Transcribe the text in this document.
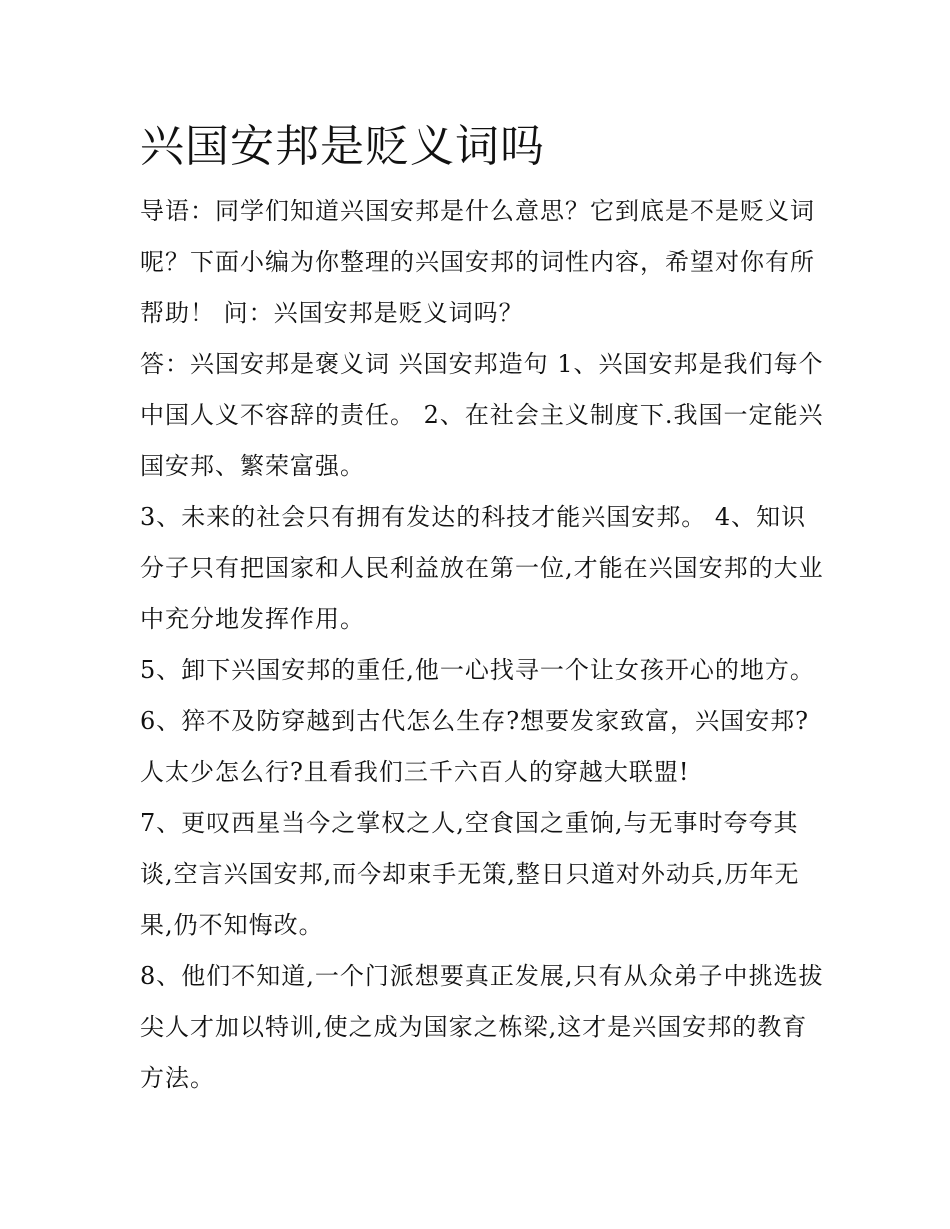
兴国安邦是贬义词吗

导语：同学们知道兴国安邦是什么意思？它到底是不是贬义词呢？下面小编为你整理的兴国安邦的词性内容，希望对你有所帮助！ 问：兴国安邦是贬义词吗？

答：兴国安邦是褒义词 兴国安邦造句 1、兴国安邦是我们每个中国人义不容辞的责任。 2、在社会主义制度下.我国一定能兴国安邦、繁荣富强。

3、未来的社会只有拥有发达的科技才能兴国安邦。 4、知识分子只有把国家和人民利益放在第一位,才能在兴国安邦的大业中充分地发挥作用。

5、卸下兴国安邦的重任,他一心找寻一个让女孩开心的地方。

6、猝不及防穿越到古代怎么生存?想要发家致富，兴国安邦?人太少怎么行?且看我们三千六百人的穿越大联盟!

7、更叹西星当今之掌权之人,空食国之重饷,与无事时夸夸其谈,空言兴国安邦,而今却束手无策,整日只道对外动兵,历年无果,仍不知悔改。

8、他们不知道,一个门派想要真正发展,只有从众弟子中挑选拔尖人才加以特训,使之成为国家之栋梁,这才是兴国安邦的教育方法。
